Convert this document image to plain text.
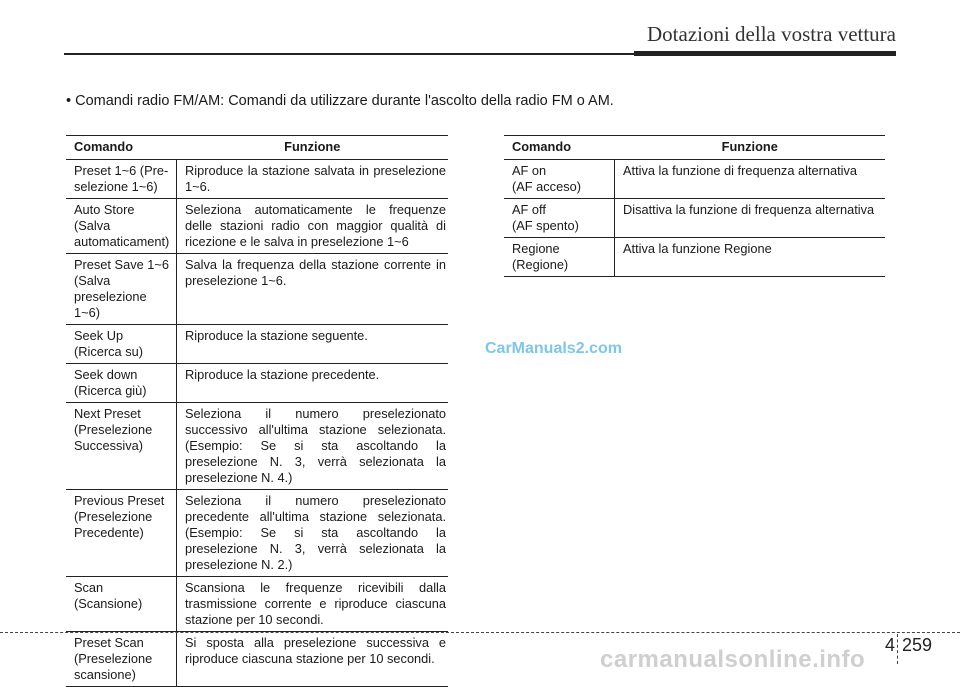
Dotazioni della vostra vettura
• Comandi radio FM/AM: Comandi da utilizzare durante l'ascolto della radio FM o AM.
Comando	Funzione
Preset 1~6 (Pre-
selezione 1~6)	Riproduce la stazione salvata in preselezione 1~6.
Auto Store
(Salva
automaticament)	Seleziona automaticamente le frequenze delle stazioni radio con maggior qualità di ricezione e le salva in preselezione 1~6
Preset Save 1~6
(Salva
preselezione 1~6)	Salva la frequenza della stazione corrente in preselezione 1~6.
Seek Up
(Ricerca su)	Riproduce la stazione seguente.
Seek down
(Ricerca giù)	Riproduce la stazione precedente.
Next Preset
(Preselezione
Successiva)	Seleziona il numero preselezionato successivo all'ultima stazione selezionata. (Esempio: Se si sta ascoltando la preselezione N. 3, verrà selezionata la preselezione N. 4.)
Previous Preset
(Preselezione
Precedente)	Seleziona il numero preselezionato precedente all'ultima stazione selezionata. (Esempio: Se si sta ascoltando la preselezione N. 3, verrà selezionata la preselezione N. 2.)
Scan
(Scansione)	Scansiona le frequenze ricevibili dalla trasmissione corrente e riproduce ciascuna stazione per 10 secondi.
Preset Scan
(Preselezione
scansione)	Si sposta alla preselezione successiva e riproduce ciascuna stazione per 10 secondi.
Comando	Funzione
AF on
(AF acceso)	Attiva la funzione di frequenza alternativa
AF off
(AF spento)	Disattiva la funzione di frequenza alternativa
Regione
(Regione)	Attiva la funzione Regione
CarManuals2.com
4 259
carmanualsonline.info
